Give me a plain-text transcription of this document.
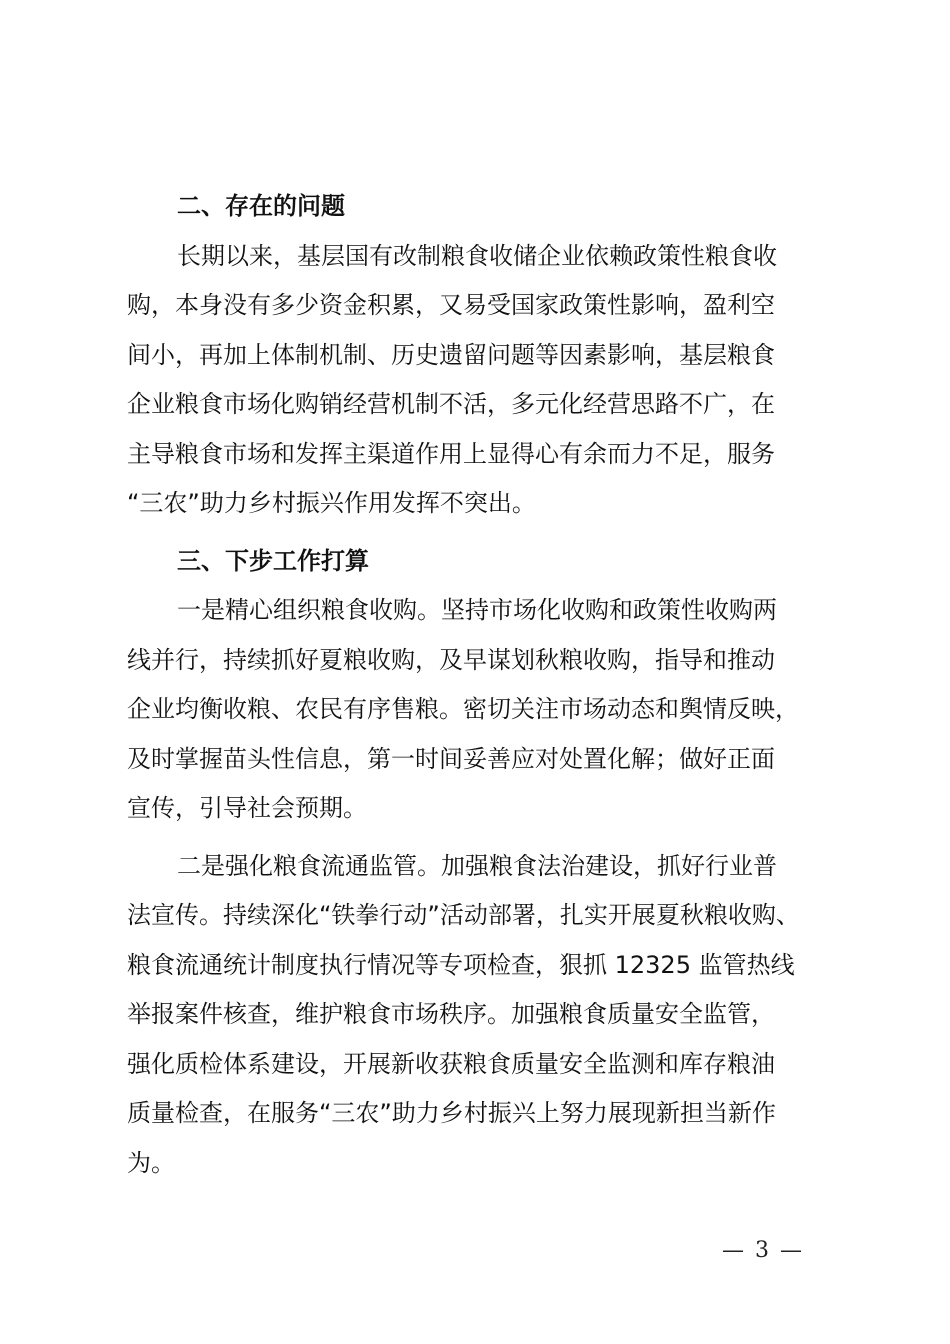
二、存在的问题
长期以来，基层国有改制粮食收储企业依赖政策性粮食收
购，本身没有多少资金积累，又易受国家政策性影响，盈利空
间小，再加上体制机制、历史遗留问题等因素影响，基层粮食
企业粮食市场化购销经营机制不活，多元化经营思路不广，在
主导粮食市场和发挥主渠道作用上显得心有余而力不足，服务
“三农”助力乡村振兴作用发挥不突出。
三、下步工作打算
一是精心组织粮食收购。坚持市场化收购和政策性收购两
线并行，持续抓好夏粮收购，及早谋划秋粮收购，指导和推动
企业均衡收粮、农民有序售粮。密切关注市场动态和舆情反映，
及时掌握苗头性信息，第一时间妥善应对处置化解；做好正面
宣传，引导社会预期。
二是强化粮食流通监管。加强粮食法治建设，抓好行业普
法宣传。持续深化“铁拳行动”活动部署，扎实开展夏秋粮收购、
粮食流通统计制度执行情况等专项检查，狠抓 12325 监管热线
举报案件核查，维护粮食市场秩序。加强粮食质量安全监管，
强化质检体系建设，开展新收获粮食质量安全监测和库存粮油
质量检查，在服务“三农”助力乡村振兴上努力展现新担当新作
为。
— 3 —
